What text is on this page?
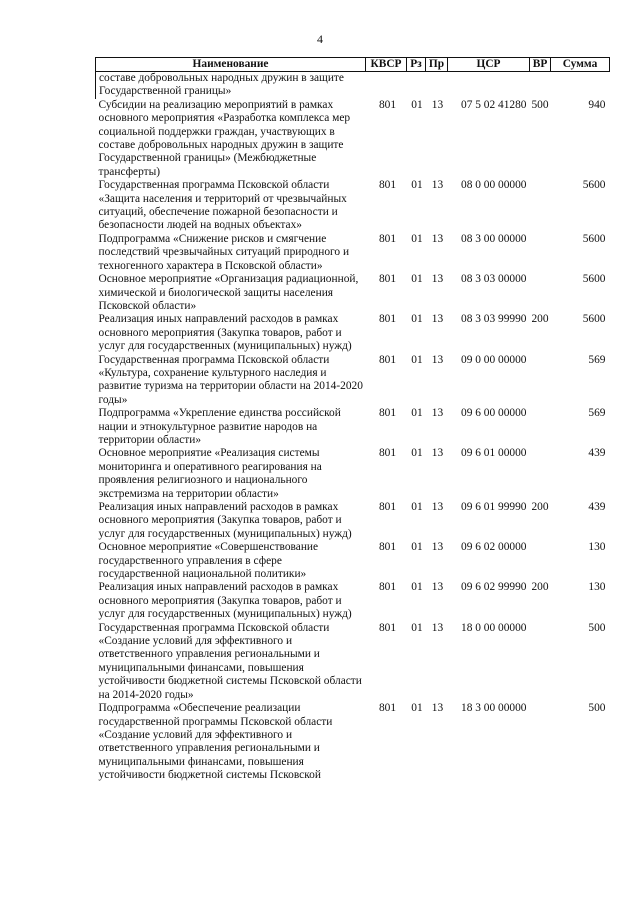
4
Наименование	КВСР	Рз	Пр	ЦСР	ВР	Сумма
составе добровольных народных дружин в защите Государственной границы»						
Субсидии на реализацию мероприятий в рамках основного мероприятия «Разработка комплекса мер социальной поддержки граждан, участвующих в составе добровольных народных дружин в защите Государственной границы» (Межбюджетные трансферты)	801	01	13	07 5 02 41280	500	940
Государственная программа Псковской области «Защита населения и территорий от чрезвычайных ситуаций, обеспечение пожарной безопасности и безопасности людей на водных объектах»	801	01	13	08 0 00 00000		5600
Подпрограмма «Снижение рисков и смягчение последствий чрезвычайных ситуаций природного и техногенного характера в Псковской области»	801	01	13	08 3 00 00000		5600
Основное мероприятие «Организация радиационной, химической и биологической защиты населения Псковской области»	801	01	13	08 3 03 00000		5600
Реализация иных направлений расходов в рамках основного мероприятия (Закупка товаров, работ и услуг для государственных (муниципальных) нужд)	801	01	13	08 3 03 99990	200	5600
Государственная программа Псковской области «Культура, сохранение культурного наследия и развитие туризма на территории области на 2014-2020 годы»	801	01	13	09 0 00 00000		569
Подпрограмма «Укрепление единства российской нации и этнокультурное развитие народов на территории области»	801	01	13	09 6 00 00000		569
Основное мероприятие «Реализация системы мониторинга и оперативного реагирования на проявления религиозного и национального экстремизма на территории области»	801	01	13	09 6 01 00000		439
Реализация иных направлений расходов в рамках основного мероприятия (Закупка товаров, работ и услуг для государственных (муниципальных) нужд)	801	01	13	09 6 01 99990	200	439
Основное мероприятие «Совершенствование государственного управления в сфере государственной национальной политики»	801	01	13	09 6 02 00000		130
Реализация иных направлений расходов в рамках основного мероприятия (Закупка товаров, работ и услуг для государственных (муниципальных) нужд)	801	01	13	09 6 02 99990	200	130
Государственная программа Псковской области «Создание условий для эффективного и ответственного управления региональными и муниципальными финансами, повышения устойчивости бюджетной системы Псковской области на 2014-2020 годы»	801	01	13	18 0 00 00000		500
Подпрограмма «Обеспечение реализации государственной программы Псковской области «Создание условий для эффективного и ответственного управления региональными и муниципальными финансами, повышения устойчивости бюджетной системы Псковской	801	01	13	18 3 00 00000		500
